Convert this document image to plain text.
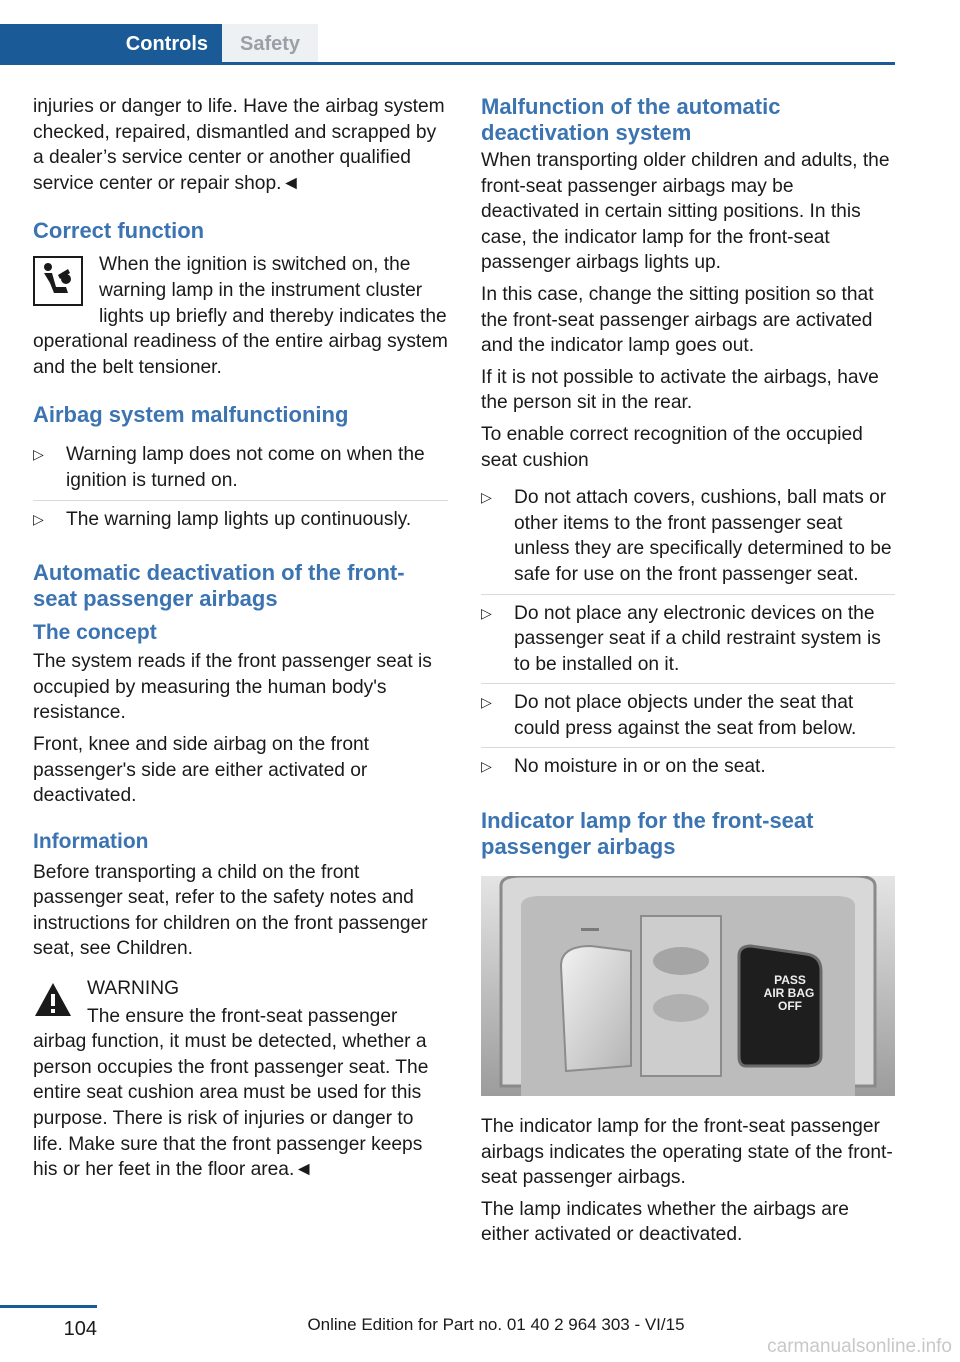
Controls	Safety

injuries or danger to life. Have the airbag system checked, repaired, dismantled and scrapped by a dealer’s service center or another qualified service center or repair shop.◄

Correct function

When the ignition is switched on, the warning lamp in the instrument cluster lights up briefly and thereby indicates the operational readiness of the entire airbag system and the belt tensioner.

Airbag system malfunctioning
▷ Warning lamp does not come on when the ignition is turned on.
▷ The warning lamp lights up continuously.
Automatic deactivation of the front-seat passenger airbags
The concept

The system reads if the front passenger seat is occupied by measuring the human body's resistance.

Front, knee and side airbag on the front passenger's side are either activated or deactivated.

Information

Before transporting a child on the front passenger seat, refer to the safety notes and instructions for children on the front passenger seat, see Children.

WARNING

The ensure the front-seat passenger airbag function, it must be detected, whether a person occupies the front passenger seat. The entire seat cushion area must be used for this purpose. There is risk of injuries or danger to life. Make sure that the front passenger keeps his or her feet in the floor area.◄

Malfunction of the automatic deactivation system

When transporting older children and adults, the front-seat passenger airbags may be deactivated in certain sitting positions. In this case, the indicator lamp for the front-seat passenger airbags lights up.

In this case, change the sitting position so that the front-seat passenger airbags are activated and the indicator lamp goes out.

If it is not possible to activate the airbags, have the person sit in the rear.

To enable correct recognition of the occupied seat cushion

▷ Do not attach covers, cushions, ball mats or other items to the front passenger seat unless they are specifically determined to be safe for use on the front passenger seat.
▷ Do not place any electronic devices on the passenger seat if a child restraint system is to be installed on it.
▷ Do not place objects under the seat that could press against the seat from below.
▷ No moisture in or on the seat.
Indicator lamp for the front-seat passenger airbags
PASS
AIR BAG
OFF

The indicator lamp for the front-seat passenger airbags indicates the operating state of the front-seat passenger airbags.

The lamp indicates whether the airbags are either activated or deactivated.

104	Online Edition for Part no. 01 40 2 964 303 - VI/15
carmanualsonline.info
